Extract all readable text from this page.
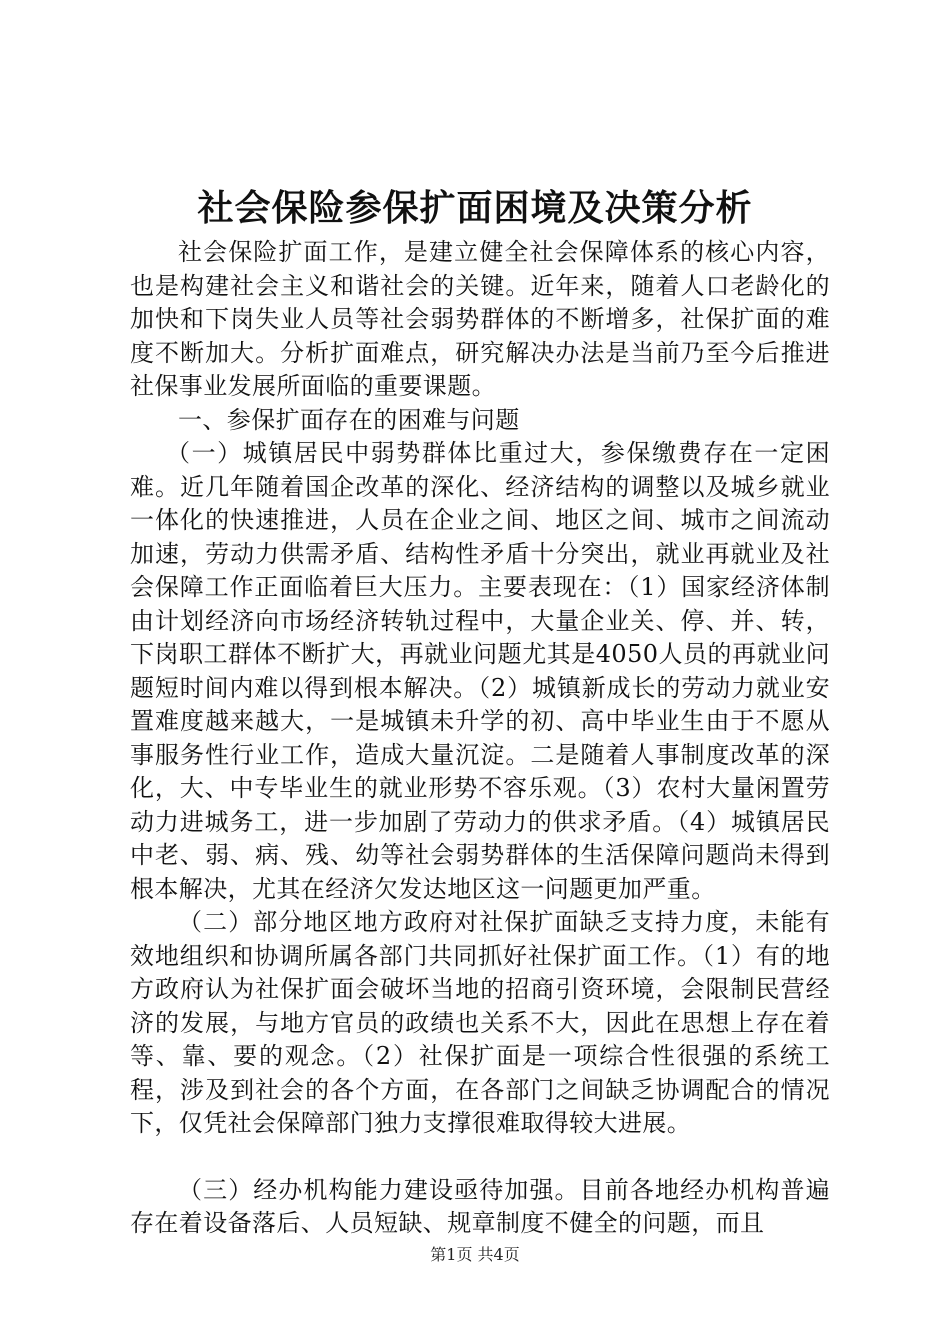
社会保险参保扩面困境及决策分析

社会保险扩面工作，是建立健全社会保障体系的核心内容，也是构建社会主义和谐社会的关键。近年来，随着人口老龄化的加快和下岗失业人员等社会弱势群体的不断增多，社保扩面的难度不断加大。分析扩面难点，研究解决办法是当前乃至今后推进社保事业发展所面临的重要课题。

一、参保扩面存在的困难与问题

（一）城镇居民中弱势群体比重过大，参保缴费存在一定困难。近几年随着国企改革的深化、经济结构的调整以及城乡就业一体化的快速推进，人员在企业之间、地区之间、城市之间流动加速，劳动力供需矛盾、结构性矛盾十分突出，就业再就业及社会保障工作正面临着巨大压力。主要表现在：（1）国家经济体制由计划经济向市场经济转轨过程中，大量企业关、停、并、转，下岗职工群体不断扩大，再就业问题尤其是4050人员的再就业问题短时间内难以得到根本解决。（2）城镇新成长的劳动力就业安置难度越来越大，一是城镇未升学的初、高中毕业生由于不愿从事服务性行业工作，造成大量沉淀。二是随着人事制度改革的深化，大、中专毕业生的就业形势不容乐观。（3）农村大量闲置劳动力进城务工，进一步加剧了劳动力的供求矛盾。（4）城镇居民中老、弱、病、残、幼等社会弱势群体的生活保障问题尚未得到根本解决，尤其在经济欠发达地区这一问题更加严重。

（二）部分地区地方政府对社保扩面缺乏支持力度，未能有效地组织和协调所属各部门共同抓好社保扩面工作。（1）有的地方政府认为社保扩面会破坏当地的招商引资环境，会限制民营经济的发展，与地方官员的政绩也关系不大，因此在思想上存在着等、靠、要的观念。（2）社保扩面是一项综合性很强的系统工程，涉及到社会的各个方面，在各部门之间缺乏协调配合的情况下，仅凭社会保障部门独力支撑很难取得较大进展。

（三）经办机构能力建设亟待加强。目前各地经办机构普遍存在着设备落后、人员短缺、规章制度不健全的问题，而且

第1页 共4页
